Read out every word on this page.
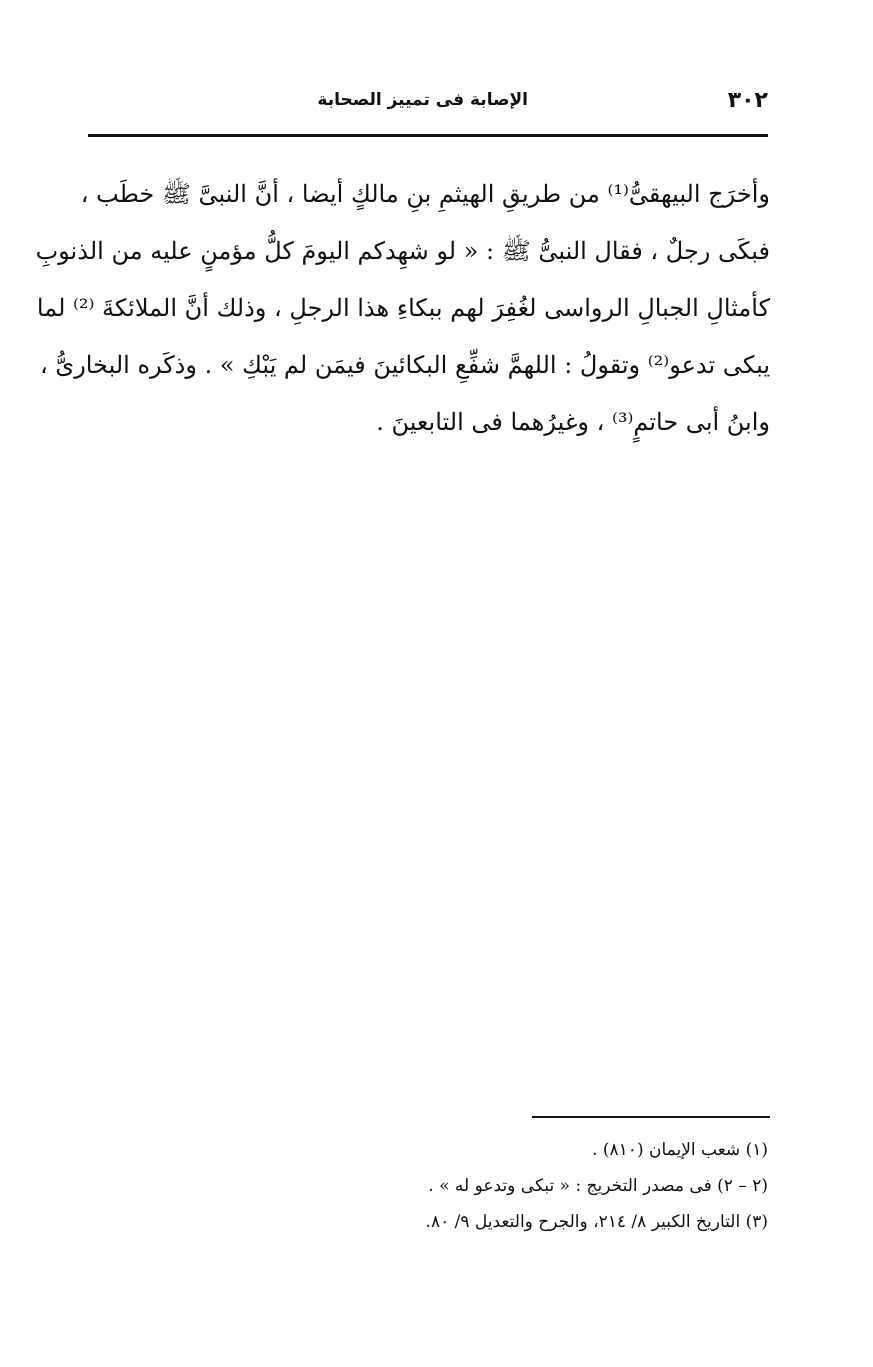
٣٠٢
الإصابة فى تمييز الصحابة
وأخرَج البيهقىُّ⁽¹⁾ من طريقِ الهيثمِ بنِ مالكٍ أيضا ، أنَّ النبىَّ ﷺ خطَب ،
فبكَى رجلٌ ، فقال النبىُّ ﷺ : « لو شهِدكم اليومَ كلُّ مؤمنٍ عليه من الذنوبِ
كأمثالِ الجبالِ الرواسى لغُفِرَ لهم ببكاءِ هذا الرجلِ ، وذلك أنَّ الملائكةَ ⁽²⁾ لما
يبكى تدعو⁽²⁾ وتقولُ : اللهمَّ شفِّعِ البكائينَ فيمَن لم يَبْكِ » . وذكَره البخارىُّ ،
وابنُ أبى حاتمٍ⁽³⁾ ، وغيرُهما فى التابعينَ .
(١) شعب الإيمان (٨١٠) .
(٢ – ٢) فى مصدر التخريج : « تبكى وتدعو له » .
(٣) التاريخ الكبير ٨/ ٢١٤، والجرح والتعديل ٩/ ٨٠.
